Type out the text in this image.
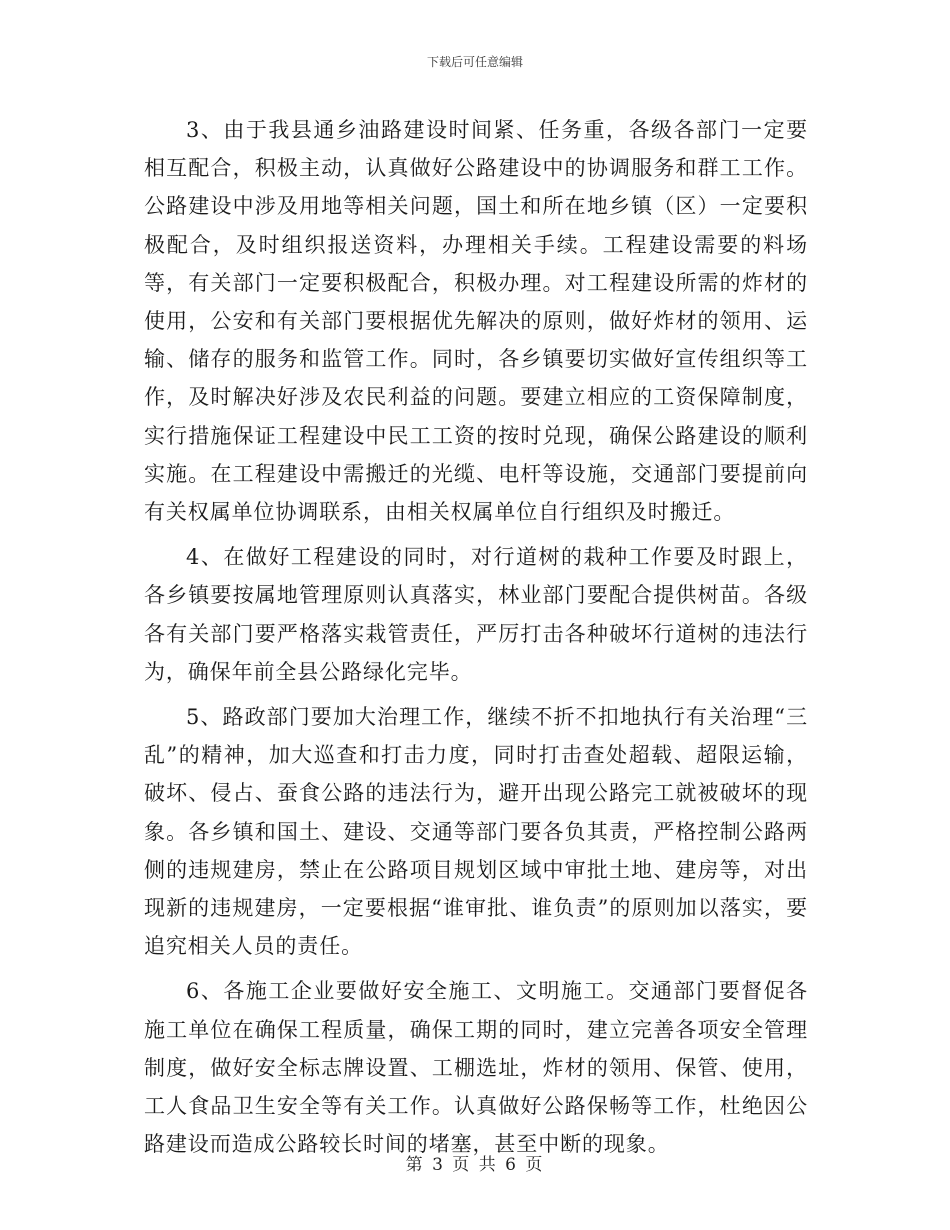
下载后可任意编辑

3、由于我县通乡油路建设时间紧、任务重，各级各部门一定要相互配合，积极主动，认真做好公路建设中的协调服务和群工工作。公路建设中涉及用地等相关问题，国土和所在地乡镇（区）一定要积极配合，及时组织报送资料，办理相关手续。工程建设需要的料场等，有关部门一定要积极配合，积极办理。对工程建设所需的炸材的使用，公安和有关部门要根据优先解决的原则，做好炸材的领用、运输、储存的服务和监管工作。同时，各乡镇要切实做好宣传组织等工作，及时解决好涉及农民利益的问题。要建立相应的工资保障制度，实行措施保证工程建设中民工工资的按时兑现，确保公路建设的顺利实施。在工程建设中需搬迁的光缆、电杆等设施，交通部门要提前向有关权属单位协调联系，由相关权属单位自行组织及时搬迁。

4、在做好工程建设的同时，对行道树的栽种工作要及时跟上，各乡镇要按属地管理原则认真落实，林业部门要配合提供树苗。各级各有关部门要严格落实栽管责任，严厉打击各种破坏行道树的违法行为，确保年前全县公路绿化完毕。

5、路政部门要加大治理工作，继续不折不扣地执行有关治理“三乱”的精神，加大巡查和打击力度，同时打击查处超载、超限运输，破坏、侵占、蚕食公路的违法行为，避开出现公路完工就被破坏的现象。各乡镇和国土、建设、交通等部门要各负其责，严格控制公路两侧的违规建房，禁止在公路项目规划区域中审批土地、建房等，对出现新的违规建房，一定要根据“谁审批、谁负责”的原则加以落实，要追究相关人员的责任。

6、各施工企业要做好安全施工、文明施工。交通部门要督促各施工单位在确保工程质量，确保工期的同时，建立完善各项安全管理制度，做好安全标志牌设置、工棚选址，炸材的领用、保管、使用，工人食品卫生安全等有关工作。认真做好公路保畅等工作，杜绝因公路建设而造成公路较长时间的堵塞，甚至中断的现象。

第 3 页 共 6 页
